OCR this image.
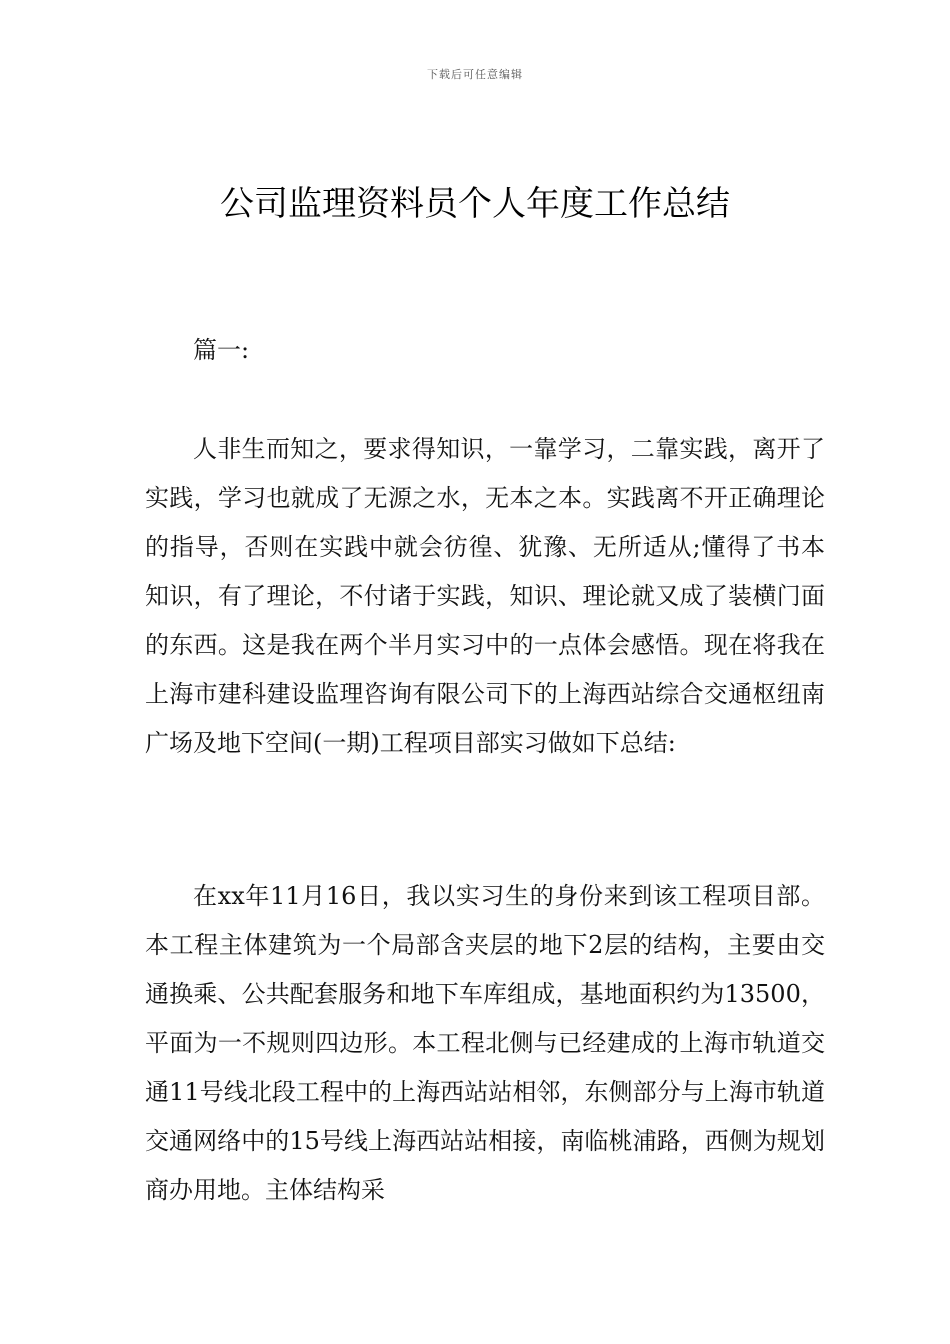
下载后可任意编辑
公司监理资料员个人年度工作总结
篇一:

人非生而知之，要求得知识，一靠学习，二靠实践，离开了实践，学习也就成了无源之水，无本之本。实践离不开正确理论的指导，否则在实践中就会彷徨、犹豫、无所适从;懂得了书本知识，有了理论，不付诸于实践，知识、理论就又成了装横门面的东西。这是我在两个半月实习中的一点体会感悟。现在将我在上海市建科建设监理咨询有限公司下的上海西站综合交通枢纽南广场及地下空间(一期)工程项目部实习做如下总结:

在xx年11月16日，我以实习生的身份来到该工程项目部。本工程主体建筑为一个局部含夹层的地下2层的结构，主要由交通换乘、公共配套服务和地下车库组成，基地面积约为13500，平面为一不规则四边形。本工程北侧与已经建成的上海市轨道交通11号线北段工程中的上海西站站相邻，东侧部分与上海市轨道交通网络中的15号线上海西站站相接，南临桃浦路，西侧为规划商办用地。主体结构采
